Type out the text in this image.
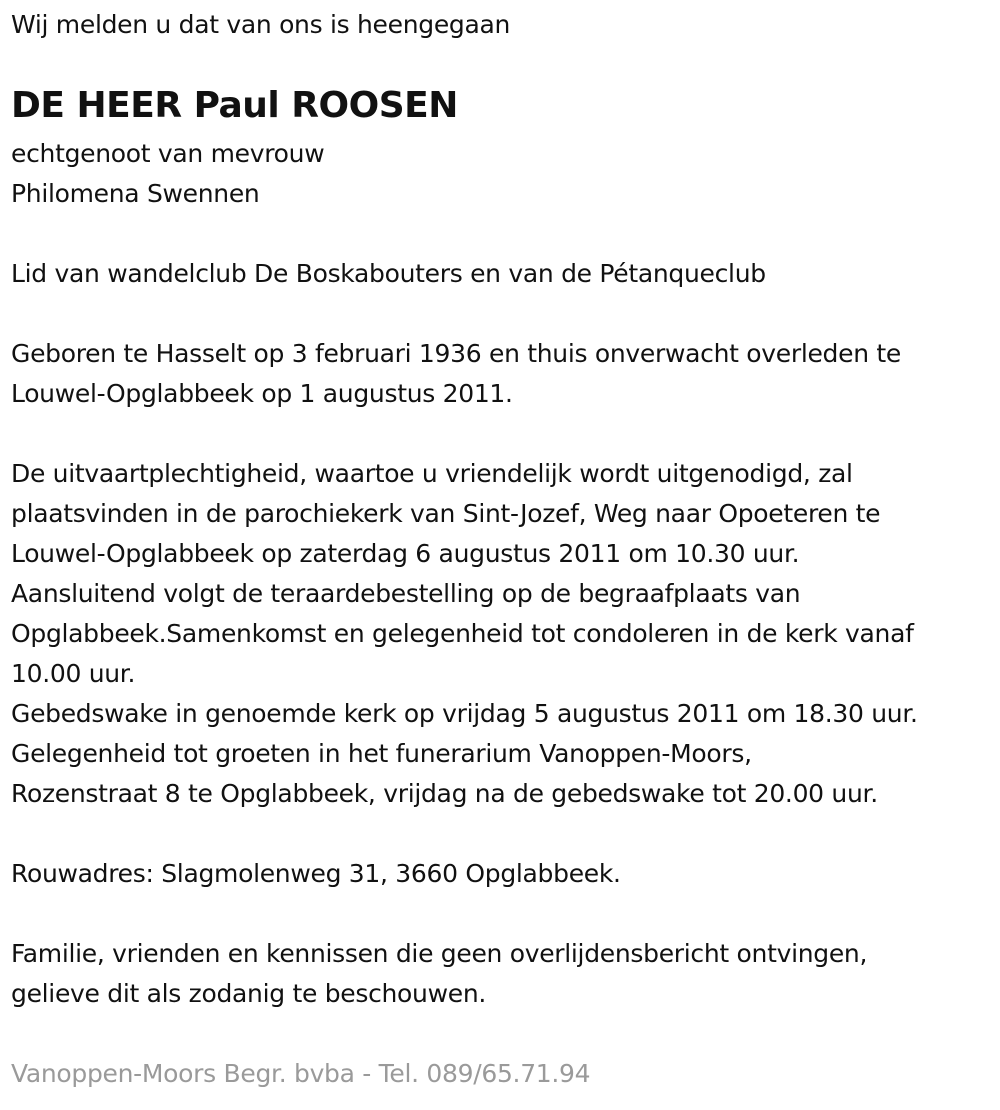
Wij melden u dat van ons is heengegaan
DE HEER Paul ROOSEN
echtgenoot van mevrouw
Philomena Swennen
Lid van wandelclub De Boskabouters en van de Pétanqueclub
Geboren te Hasselt op 3 februari 1936 en thuis onverwacht overleden te
Louwel-Opglabbeek op 1 augustus 2011.
De uitvaartplechtigheid, waartoe u vriendelijk wordt uitgenodigd, zal
plaatsvinden in de parochiekerk van Sint-Jozef, Weg naar Opoeteren te
Louwel-Opglabbeek op zaterdag 6 augustus 2011 om 10.30 uur.
Aansluitend volgt de teraardebestelling op de begraafplaats van
Opglabbeek.Samenkomst en gelegenheid tot condoleren in de kerk vanaf
10.00 uur.
Gebedswake in genoemde kerk op vrijdag 5 augustus 2011 om 18.30 uur.
Gelegenheid tot groeten in het funerarium Vanoppen-Moors,
Rozenstraat 8 te Opglabbeek, vrijdag na de gebedswake tot 20.00 uur.
Rouwadres: Slagmolenweg 31, 3660 Opglabbeek.
Familie, vrienden en kennissen die geen overlijdensbericht ontvingen,
gelieve dit als zodanig te beschouwen.
Vanoppen-Moors Begr. bvba - Tel. 089/65.71.94
